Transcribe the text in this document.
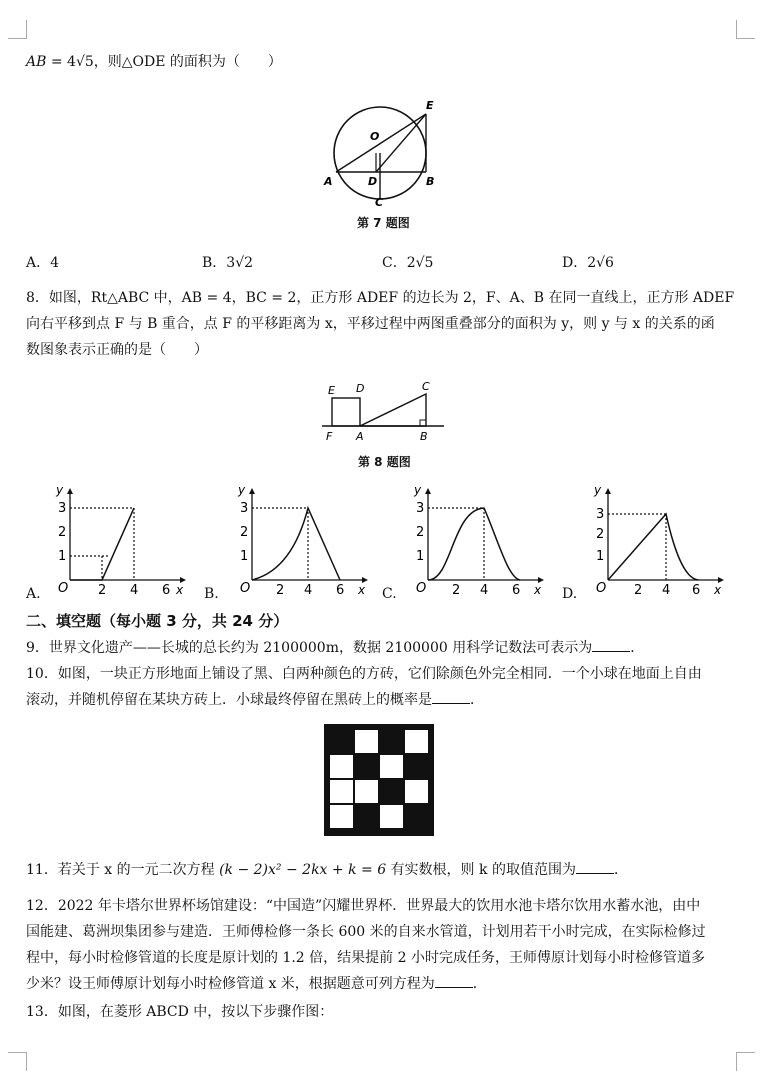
AB = 4√5，则△ODE 的面积为（　　）
O
E
A	D	B
C
第 7 题图
A．4	B．3√2	C．2√5	D．2√6
8．如图，Rt△ABC 中，AB = 4，BC = 2，正方形 ADEF 的边长为 2，F、A、B 在同一直线上，正方形 ADEF
向右平移到点 F 与 B 重合，点 F 的平移距离为 x，平移过程中两图重叠部分的面积为 y，则 y 与 x 的关系的函
数图象表示正确的是（　　）
E D	C
F A	B
第 8 题图
y
O	x
2 4 6
1
2
3
A.
y
O	x
2 4 6
1
2
3
B.
y
O	x
2 4 6
1
2
3
C.
y
O	x
2 4 6
1
2
3
D.
二、填空题（每小题 3 分，共 24 分）
9．世界文化遗产——长城的总长约为 2100000m，数据 2100000 用科学记数法可表示为	．
10．如图，一块正方形地面上铺设了黑、白两种颜色的方砖，它们除颜色外完全相同．一个小球在地面上自由
滚动，并随机停留在某块方砖上．小球最终停留在黑砖上的概率是	．
11．若关于 x 的一元二次方程 (k − 2)x² − 2kx + k = 6 有实数根，则 k 的取值范围为	．
12．2022 年卡塔尔世界杯场馆建设：“中国造”闪耀世界杯．世界最大的饮用水池卡塔尔饮用水蓄水池，由中
国能建、葛洲坝集团参与建造．王师傅检修一条长 600 米的自来水管道，计划用若干小时完成，在实际检修过
程中，每小时检修管道的长度是原计划的 1.2 倍，结果提前 2 小时完成任务，王师傅原计划每小时检修管道多
少米？设王师傅原计划每小时检修管道 x 米，根据题意可列方程为	．
13．如图，在菱形 ABCD 中，按以下步骤作图：
